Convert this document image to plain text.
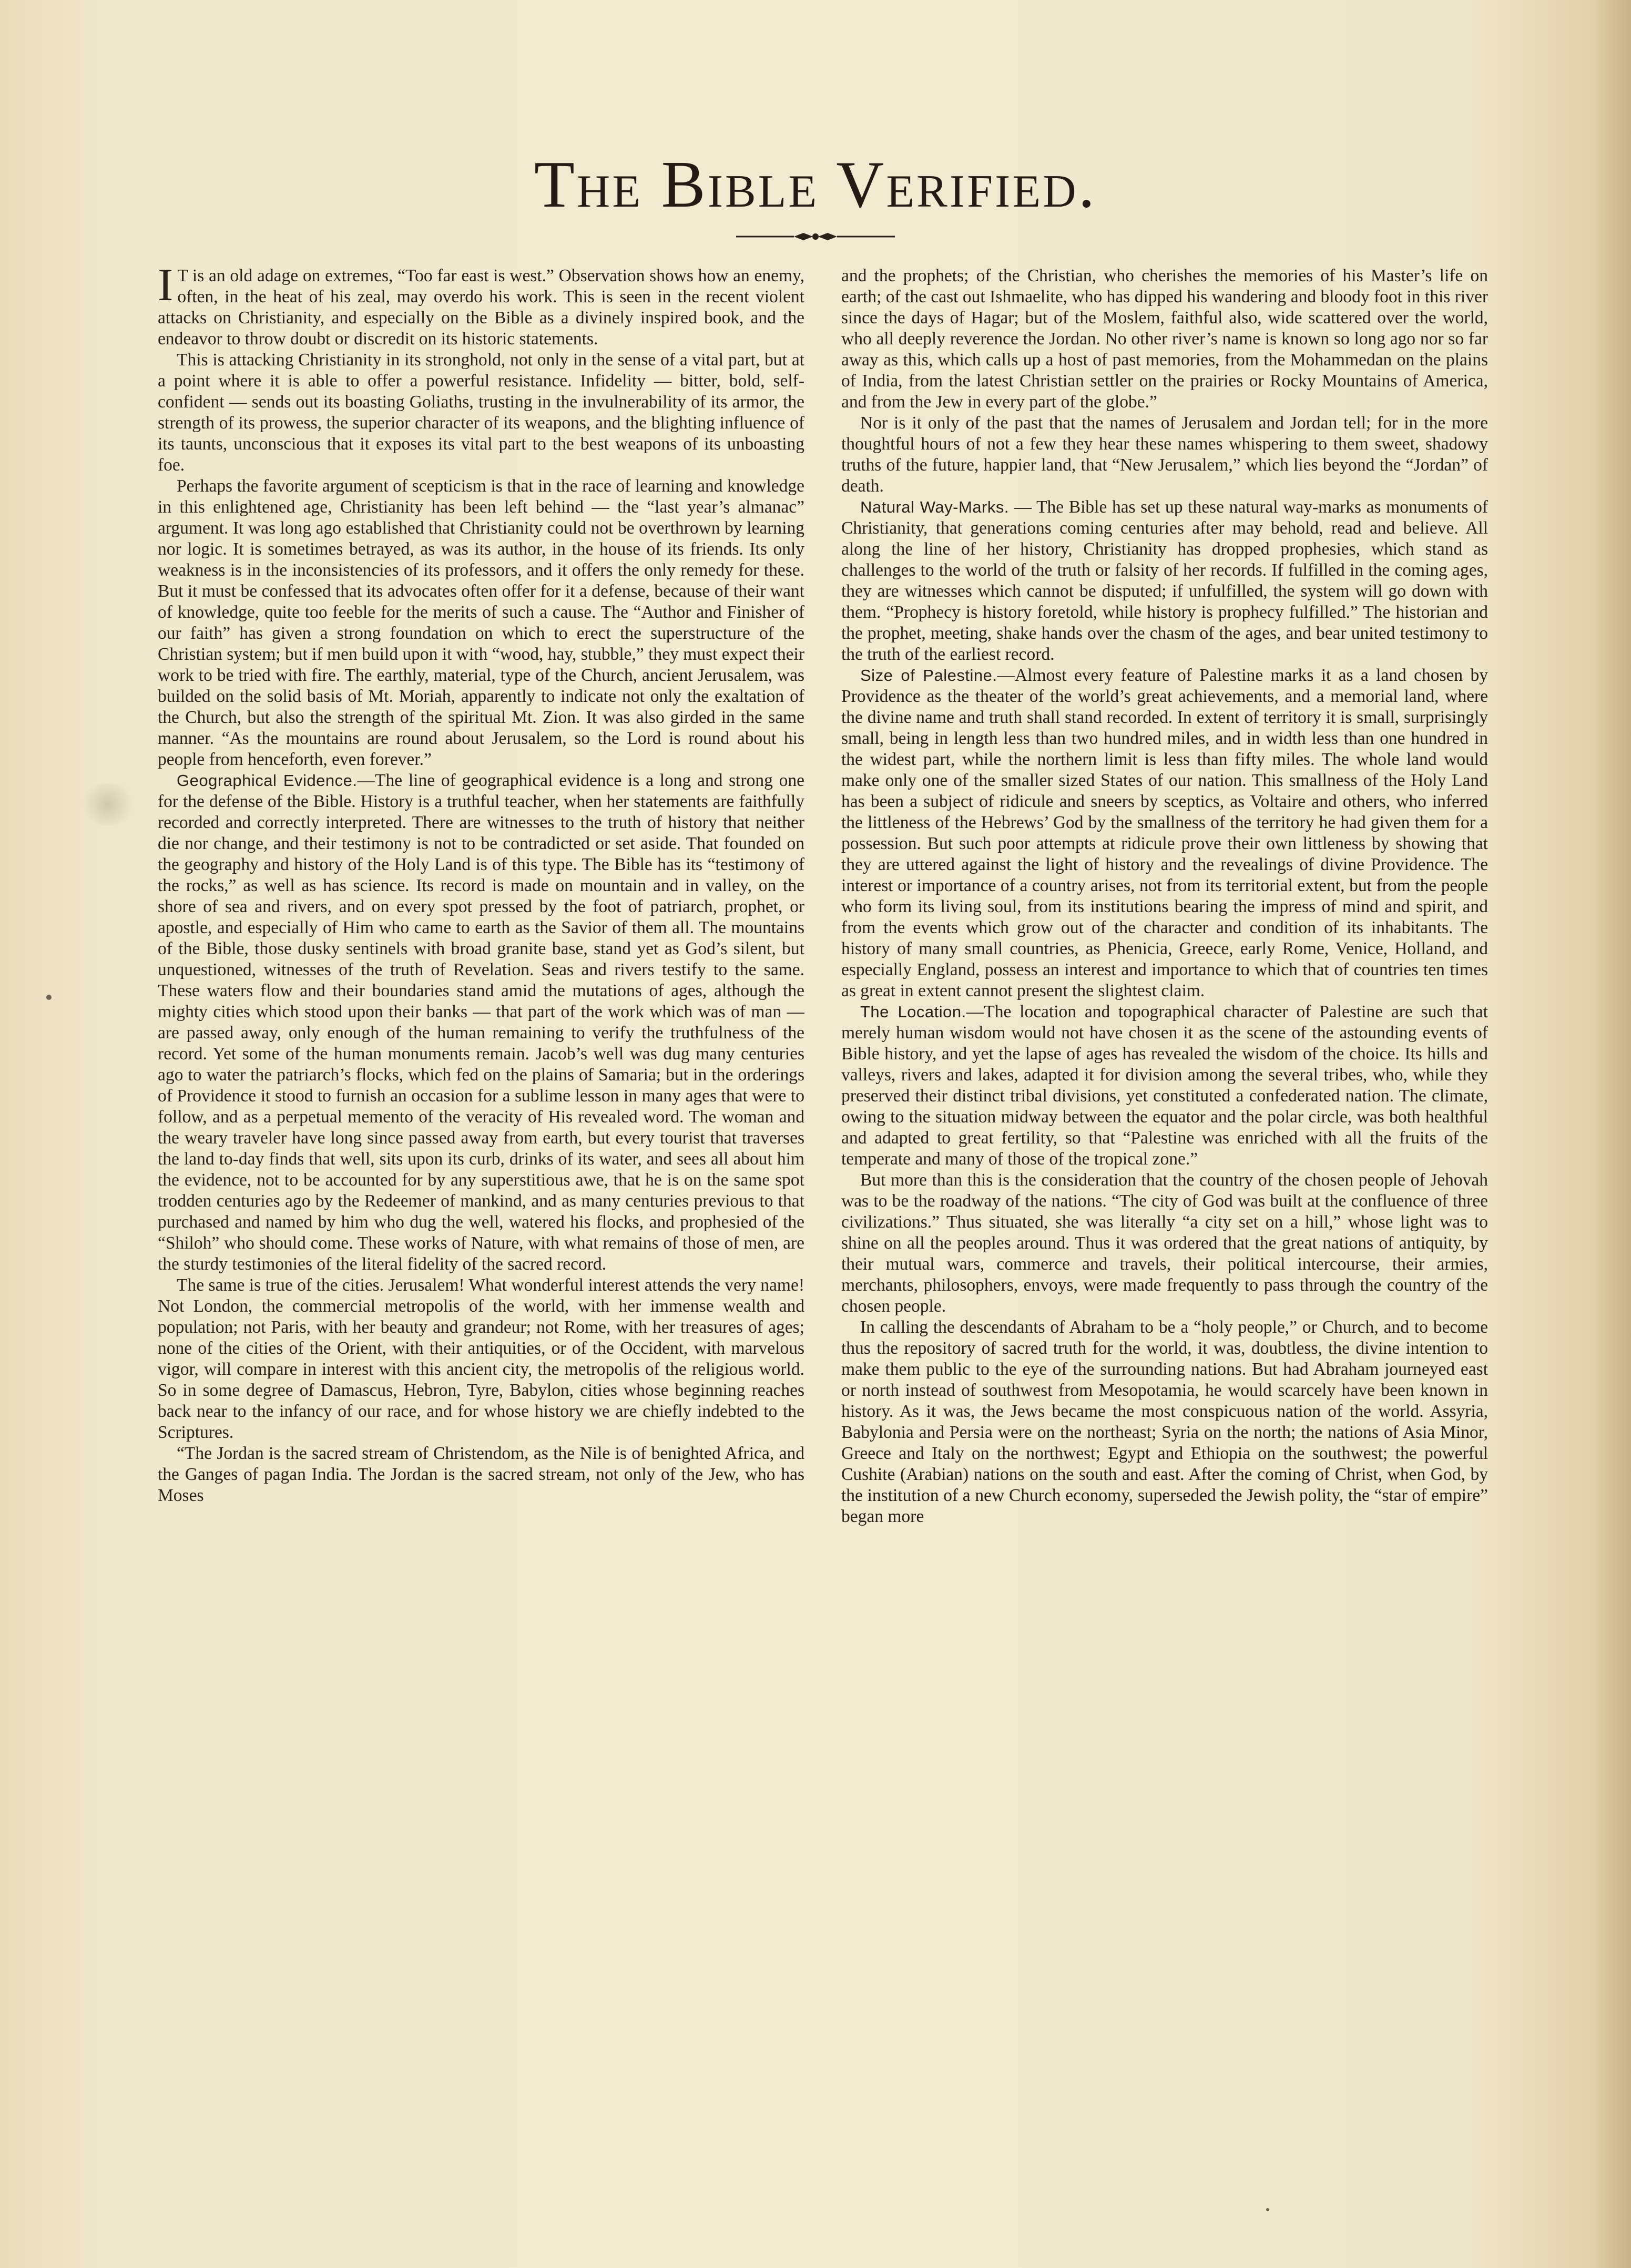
The Bible Verified.

I T is an old adage on extremes, “Too far east is west.” Observation shows how an enemy, often, in the heat of his zeal, may overdo his work. This is seen in the recent violent attacks on Christianity, and especially on the Bible as a divinely inspired book, and the endeavor to throw doubt or discredit on its historic statements.

This is attacking Christianity in its stronghold, not only in the sense of a vital part, but at a point where it is able to offer a powerful resistance. Infidelity — bitter, bold, self-confident — sends out its boasting Goliaths, trusting in the invulnerability of its armor, the strength of its prowess, the superior character of its weapons, and the blighting influence of its taunts, unconscious that it exposes its vital part to the best weapons of its unboasting foe.

Perhaps the favorite argument of scepticism is that in the race of learning and knowledge in this enlightened age, Christianity has been left behind — the “last year’s almanac” argument. It was long ago established that Christianity could not be overthrown by learning nor logic. It is sometimes betrayed, as was its author, in the house of its friends. Its only weakness is in the inconsistencies of its professors, and it offers the only remedy for these. But it must be confessed that its advocates often offer for it a defense, because of their want of knowledge, quite too feeble for the merits of such a cause. The “Author and Finisher of our faith” has given a strong foundation on which to erect the superstructure of the Christian system; but if men build upon it with “wood, hay, stubble,” they must expect their work to be tried with fire. The earthly, material, type of the Church, ancient Jerusalem, was builded on the solid basis of Mt. Moriah, apparently to indicate not only the exaltation of the Church, but also the strength of the spiritual Mt. Zion. It was also girded in the same manner. “As the mountains are round about Jerusalem, so the Lord is round about his people from henceforth, even forever.”

Geographical Evidence.—The line of geographical evidence is a long and strong one for the defense of the Bible. History is a truthful teacher, when her statements are faithfully recorded and correctly interpreted. There are witnesses to the truth of history that neither die nor change, and their testimony is not to be contradicted or set aside. That founded on the geography and history of the Holy Land is of this type. The Bible has its “testimony of the rocks,” as well as has science. Its record is made on mountain and in valley, on the shore of sea and rivers, and on every spot pressed by the foot of patriarch, prophet, or apostle, and especially of Him who came to earth as the Savior of them all. The mountains of the Bible, those dusky sentinels with broad granite base, stand yet as God’s silent, but unquestioned, witnesses of the truth of Revelation. Seas and rivers testify to the same. These waters flow and their boundaries stand amid the mutations of ages, although the mighty cities which stood upon their banks — that part of the work which was of man — are passed away, only enough of the human remaining to verify the truthfulness of the record. Yet some of the human monuments remain. Jacob’s well was dug many centuries ago to water the patriarch’s flocks, which fed on the plains of Samaria; but in the orderings of Providence it stood to furnish an occasion for a sublime lesson in many ages that were to follow, and as a perpetual memento of the veracity of His revealed word. The woman and the weary traveler have long since passed away from earth, but every tourist that traverses the land to-day finds that well, sits upon its curb, drinks of its water, and sees all about him the evidence, not to be accounted for by any superstitious awe, that he is on the same spot trodden centuries ago by the Redeemer of mankind, and as many centuries previous to that purchased and named by him who dug the well, watered his flocks, and prophesied of the “Shiloh” who should come. These works of Nature, with what remains of those of men, are the sturdy testimonies of the literal fidelity of the sacred record.

The same is true of the cities. Jerusalem! What wonderful interest attends the very name! Not London, the commercial metropolis of the world, with her immense wealth and population; not Paris, with her beauty and grandeur; not Rome, with her treasures of ages; none of the cities of the Orient, with their antiquities, or of the Occident, with marvelous vigor, will compare in interest with this ancient city, the metropolis of the religious world. So in some degree of Damascus, Hebron, Tyre, Babylon, cities whose beginning reaches back near to the infancy of our race, and for whose history we are chiefly indebted to the Scriptures.

“The Jordan is the sacred stream of Christendom, as the Nile is of benighted Africa, and the Ganges of pagan India. The Jordan is the sacred stream, not only of the Jew, who has Moses

and the prophets; of the Christian, who cherishes the memories of his Master’s life on earth; of the cast out Ishmaelite, who has dipped his wandering and bloody foot in this river since the days of Hagar; but of the Moslem, faithful also, wide scattered over the world, who all deeply reverence the Jordan. No other river’s name is known so long ago nor so far away as this, which calls up a host of past memories, from the Mohammedan on the plains of India, from the latest Christian settler on the prairies or Rocky Mountains of America, and from the Jew in every part of the globe.”

Nor is it only of the past that the names of Jerusalem and Jordan tell; for in the more thoughtful hours of not a few they hear these names whispering to them sweet, shadowy truths of the future, happier land, that “New Jerusalem,” which lies beyond the “Jordan” of death.

Natural Way-Marks. — The Bible has set up these natural way-marks as monuments of Christianity, that generations coming centuries after may behold, read and believe. All along the line of her history, Christianity has dropped prophesies, which stand as challenges to the world of the truth or falsity of her records. If fulfilled in the coming ages, they are witnesses which cannot be disputed; if unfulfilled, the system will go down with them. “Prophecy is history foretold, while history is prophecy fulfilled.” The historian and the prophet, meeting, shake hands over the chasm of the ages, and bear united testimony to the truth of the earliest record.

Size of Palestine.—Almost every feature of Palestine marks it as a land chosen by Providence as the theater of the world’s great achievements, and a memorial land, where the divine name and truth shall stand recorded. In extent of territory it is small, surprisingly small, being in length less than two hundred miles, and in width less than one hundred in the widest part, while the northern limit is less than fifty miles. The whole land would make only one of the smaller sized States of our nation. This smallness of the Holy Land has been a subject of ridicule and sneers by sceptics, as Voltaire and others, who inferred the littleness of the Hebrews’ God by the smallness of the territory he had given them for a possession. But such poor attempts at ridicule prove their own littleness by showing that they are uttered against the light of history and the revealings of divine Providence. The interest or importance of a country arises, not from its territorial extent, but from the people who form its living soul, from its institutions bearing the impress of mind and spirit, and from the events which grow out of the character and condition of its inhabitants. The history of many small countries, as Phenicia, Greece, early Rome, Venice, Holland, and especially England, possess an interest and importance to which that of countries ten times as great in extent cannot present the slightest claim.

The Location.—The location and topographical character of Palestine are such that merely human wisdom would not have chosen it as the scene of the astounding events of Bible history, and yet the lapse of ages has revealed the wisdom of the choice. Its hills and valleys, rivers and lakes, adapted it for division among the several tribes, who, while they preserved their distinct tribal divisions, yet constituted a confederated nation. The climate, owing to the situation midway between the equator and the polar circle, was both healthful and adapted to great fertility, so that “Palestine was enriched with all the fruits of the temperate and many of those of the tropical zone.”

But more than this is the consideration that the country of the chosen people of Jehovah was to be the roadway of the nations. “The city of God was built at the confluence of three civilizations.” Thus situated, she was literally “a city set on a hill,” whose light was to shine on all the peoples around. Thus it was ordered that the great nations of antiquity, by their mutual wars, commerce and travels, their political intercourse, their armies, merchants, philosophers, envoys, were made frequently to pass through the country of the chosen people.

In calling the descendants of Abraham to be a “holy people,” or Church, and to become thus the repository of sacred truth for the world, it was, doubtless, the divine intention to make them public to the eye of the surrounding nations. But had Abraham journeyed east or north instead of southwest from Mesopotamia, he would scarcely have been known in history. As it was, the Jews became the most conspicuous nation of the world. Assyria, Babylonia and Persia were on the northeast; Syria on the north; the nations of Asia Minor, Greece and Italy on the northwest; Egypt and Ethiopia on the southwest; the powerful Cushite (Arabian) nations on the south and east. After the coming of Christ, when God, by the institution of a new Church economy, superseded the Jewish polity, the “star of empire” began more
